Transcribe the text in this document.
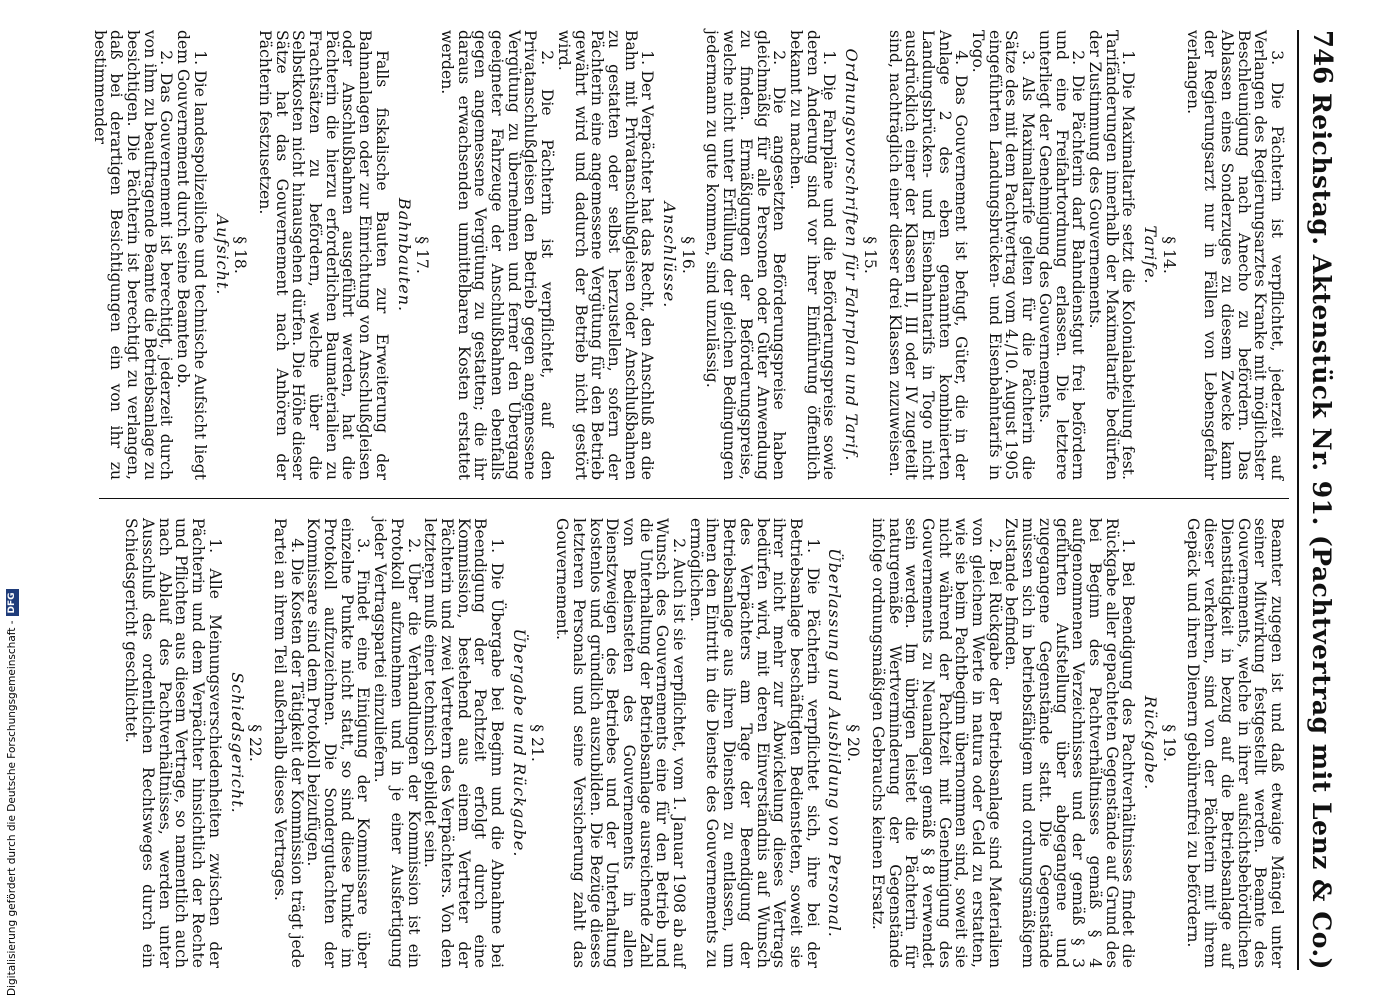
746
Reichstag. Aktenstück Nr. 91. (Pachtvertrag mit Lenz & Co.)

3. Die Pächterin ist verpflichtet, jederzeit auf Verlangen des Regierungsarztes Kranke mit möglichster Beschleunigung nach Anecho zu befördern. Das Ablassen eines Sonderzuges zu diesem Zwecke kann der Regierungsarzt nur in Fällen von Lebensgefahr verlangen.

§ 14.
Tarife.

1. Die Maximaltarife setzt die Kolonialabteilung fest. Tarifänderungen innerhalb der Maximaltarife bedürfen der Zustimmung des Gouvernements.

2. Die Pächterin darf Bahndienstgut frei befördern und eine Freifahrtordnung erlassen. Die letztere unterliegt der Genehmigung des Gouvernements.

3. Als Maximaltarife gelten für die Pächterin die Sätze des mit dem Pachtvertrag vom 4./10. August 1905 eingeführten Landungsbrücken- und Eisenbahntarifs in Togo.

4. Das Gouvernement ist befugt, Güter, die in der Anlage 2 des eben genannten kombinierten Landungsbrücken- und Eisenbahntarifs in Togo nicht ausdrücklich einer der Klassen II, III oder IV zugeteilt sind, nachträglich einer dieser drei Klassen zuzuweisen.

§ 15.
Ordnungsvorschriften für Fahrplan und Tarif.

1. Die Fahrpläne und die Beförderungspreise sowie deren Änderung sind vor ihrer Einführung öffentlich bekannt zu machen.

2. Die angesetzten Beförderungspreise haben gleichmäßig für alle Personen oder Güter Anwendung zu finden. Ermäßigungen der Beförderungspreise, welche nicht unter Erfüllung der gleichen Bedingungen jedermann zu gute kommen, sind unzulässig.

§ 16.
Anschlüsse.

1. Der Verpächter hat das Recht, den Anschluß an die Bahn mit Privatanschlußgleisen oder Anschlußbahnen zu gestatten oder selbst herzustellen, sofern der Pächterin eine angemessene Vergütung für den Betrieb gewährt wird und dadurch der Betrieb nicht gestört wird.

2. Die Pächterin ist verpflichtet, auf den Privatanschlußgleisen den Betrieb gegen angemessene Vergütung zu übernehmen und ferner den Übergang geeigneter Fahrzeuge der Anschlußbahnen ebenfalls gegen angemessene Vergütung zu gestatten; die ihr daraus erwachsenden unmittelbaren Kosten erstattet werden.

§ 17.
Bahnbauten.

Falls fiskalische Bauten zur Erweiterung der Bahnanlagen oder zur Einrichtung von Anschlußgleisen oder Anschlußbahnen ausgeführt werden, hat die Pächterin die hierzu erforderlichen Baumaterialien zu Frachtsätzen zu befördern, welche über die Selbstkosten nicht hinausgehen dürfen. Die Höhe dieser Sätze hat das Gouvernement nach Anhören der Pächterin festzusetzen.

§ 18.
Aufsicht.

1. Die landespolizeiliche und technische Aufsicht liegt dem Gouvernement durch seine Beamten ob.

2. Das Gouvernement ist berechtigt, jederzeit durch von ihm zu beauftragende Beamte die Betriebsanlage zu besichtigen. Die Pächterin ist berechtigt zu verlangen, daß bei derartigen Besichtigungen ein von ihr zu bestimmender

Beamter zugegen ist und daß etwaige Mängel unter seiner Mitwirkung festgestellt werden. Beamte des Gouvernements, welche in ihrer aufsichtsbehördlichen Diensttätigkeit in bezug auf die Betriebsanlage auf dieser verkehren, sind von der Pächterin mit ihrem Gepäck und ihren Dienern gebührenfrei zu befördern.

§ 19.
Rückgabe.

1. Bei Beendigung des Pachtverhältnisses findet die Rückgabe aller gepachteten Gegenstände auf Grund des bei Beginn des Pachtverhältnisses gemäß § 4 aufgenommenen Verzeichnisses und der gemäß § 3 geführten Aufstellung über abgegangene und zugegangene Gegenstände statt. Die Gegenstände müssen sich in betriebsfähigem und ordnungsmäßigem Zustande befinden.

2. Bei Rückgabe der Betriebsanlage sind Materialien von gleichem Werte in natura oder Geld zu erstatten, wie sie beim Pachtbeginn übernommen sind, soweit sie nicht während der Pachtzeit mit Genehmigung des Gouvernements zu Neuanlagen gemäß § 8 verwendet sein werden. Im übrigen leistet die Pächterin für naturgemäße Wertverminderung der Gegenstände infolge ordnungsmäßigen Gebrauchs keinen Ersatz.

§ 20.
Überlassung und Ausbildung von Personal.

1. Die Pächterin verpflichtet sich, ihre bei der Betriebsanlage beschäftigten Bediensteten, soweit sie ihrer nicht mehr zur Abwickelung dieses Vertrags bedürfen wird, mit deren Einverständnis auf Wunsch des Verpächters am Tage der Beendigung der Betriebsanlage aus ihren Diensten zu entlassen, um ihnen den Eintritt in die Dienste des Gouvernements zu ermöglichen.

2. Auch ist sie verpflichtet, vom 1. Januar 1908 ab auf Wunsch des Gouvernements eine für den Betrieb und die Unterhaltung der Betriebsanlage ausreichende Zahl von Bediensteten des Gouvernements in allen Dienstzweigen des Betriebes und der Unterhaltung kostenlos und gründlich auszubilden. Die Bezüge dieses letzteren Personals und seine Versicherung zahlt das Gouvernement.

§ 21.
Übergabe und Rückgabe.

1. Die Übergabe bei Beginn und die Abnahme bei Beendigung der Pachtzeit erfolgt durch eine Kommission, bestehend aus einem Vertreter der Pächterin und zwei Vertretern des Verpächters. Von den letzteren muß einer technisch gebildet sein.

2. Über die Verhandlungen der Kommission ist ein Protokoll aufzunehmen und in je einer Ausfertigung jeder Vertragspartei einzuliefern.

3. Findet eine Einigung der Kommissare über einzelne Punkte nicht statt, so sind diese Punkte im Protokoll aufzuzeichnen. Die Sondergutachten der Kommissare sind dem Protokoll beizufügen.

4. Die Kosten der Tätigkeit der Kommission trägt jede Partei an ihrem Teil außerhalb dieses Vertrages.

§ 22.
Schiedsgericht.

1. Alle Meinungsverschiedenheiten zwischen der Pächterin und dem Verpächter hinsichtlich der Rechte und Pflichten aus diesem Vertrage, so namentlich auch nach Ablauf des Pachtverhältnisses, werden unter Ausschluß des ordentlichen Rechtsweges durch ein Schiedsgericht geschlichtet.

Digitalisierung gefördert durch die Deutsche Forschungsgemeinschaft -
DFG
